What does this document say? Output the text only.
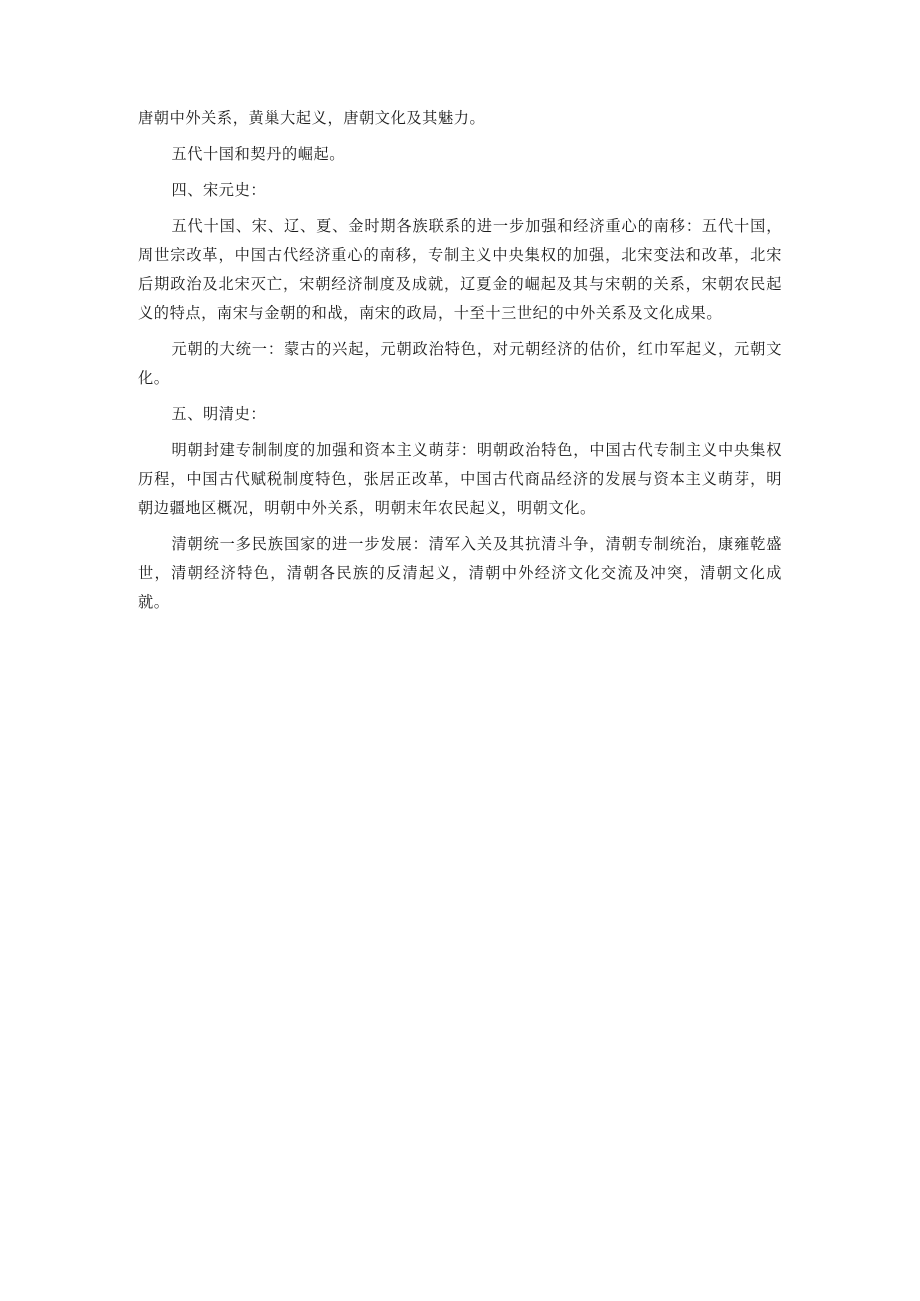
唐朝中外关系，黄巢大起义，唐朝文化及其魅力。

五代十国和契丹的崛起。

四、宋元史：

五代十国、宋、辽、夏、金时期各族联系的进一步加强和经济重心的南移：五代十国，周世宗改革，中国古代经济重心的南移，专制主义中央集权的加强，北宋变法和改革，北宋后期政治及北宋灭亡，宋朝经济制度及成就，辽夏金的崛起及其与宋朝的关系，宋朝农民起义的特点，南宋与金朝的和战，南宋的政局，十至十三世纪的中外关系及文化成果。

元朝的大统一：蒙古的兴起，元朝政治特色，对元朝经济的估价，红巾军起义，元朝文化。

五、明清史：

明朝封建专制制度的加强和资本主义萌芽：明朝政治特色，中国古代专制主义中央集权历程，中国古代赋税制度特色，张居正改革，中国古代商品经济的发展与资本主义萌芽，明朝边疆地区概况，明朝中外关系，明朝末年农民起义，明朝文化。

清朝统一多民族国家的进一步发展：清军入关及其抗清斗争，清朝专制统治，康雍乾盛世，清朝经济特色，清朝各民族的反清起义，清朝中外经济文化交流及冲突，清朝文化成就。
